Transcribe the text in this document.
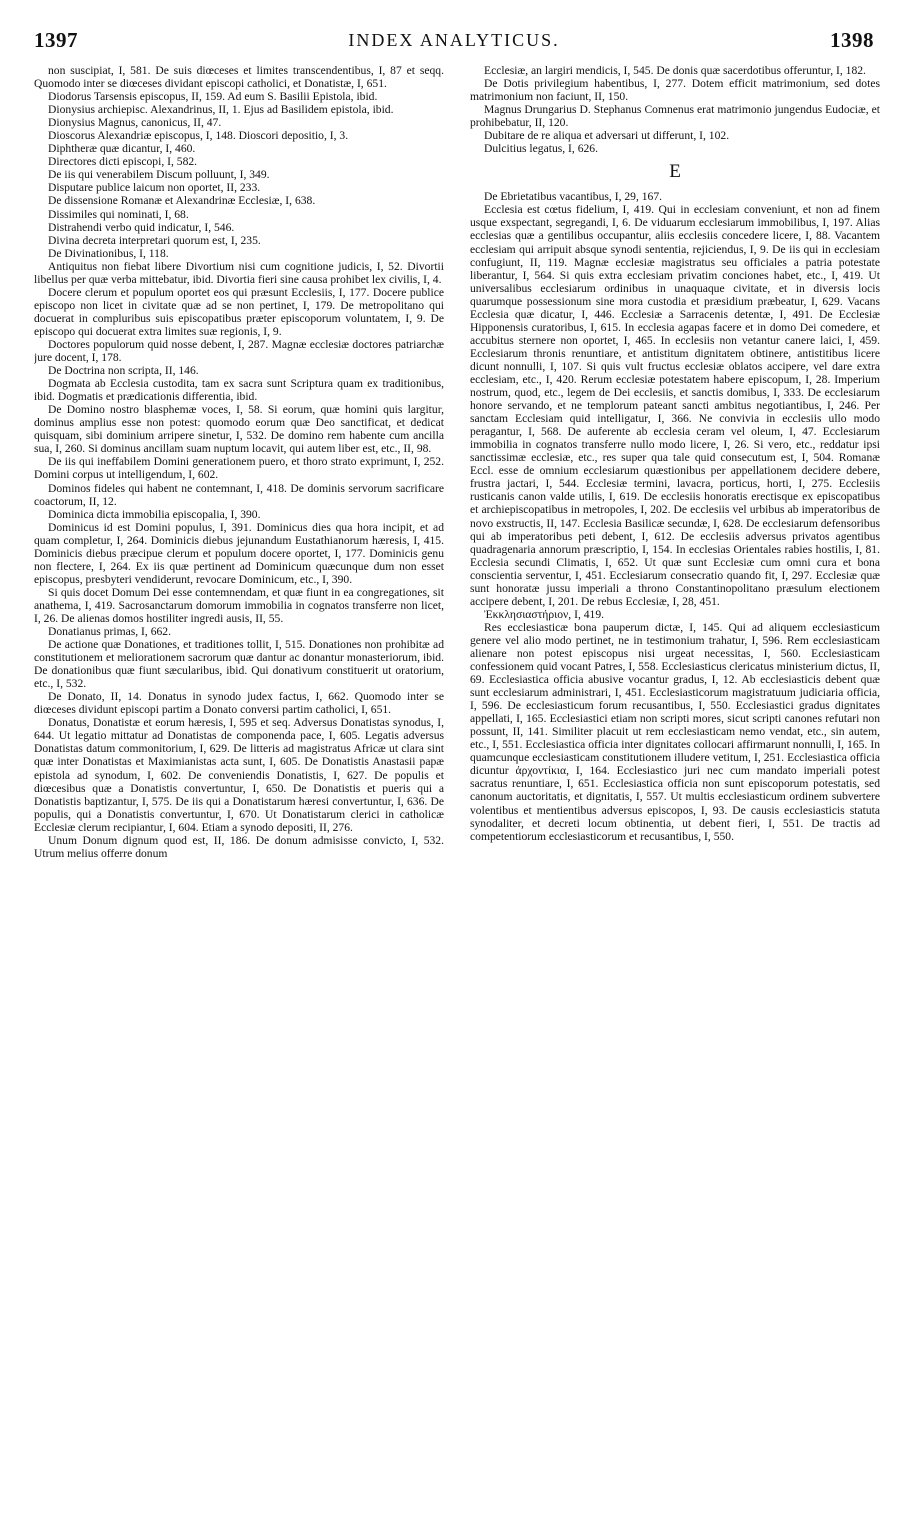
1397	INDEX ANALYTICUS.	1398

non suscipiat, I, 581. De suis diœceses et limites transcendentibus, I, 87 et seqq. Quomodo inter se diœceses dividant episcopi catholici, et Donatistæ, I, 651.

Diodorus Tarsensis episcopus, II, 159. Ad eum S. Basilii Epistola, ibid.

Dionysius archiepisc. Alexandrinus, II, 1. Ejus ad Basilidem epistola, ibid.

Dionysius Magnus, canonicus, II, 47.

Dioscorus Alexandriæ episcopus, I, 148. Dioscori depositio, I, 3.

Diphtheræ quæ dicantur, I, 460.

Directores dicti episcopi, I, 582.

De iis qui venerabilem Discum polluunt, I, 349.

Disputare publice laicum non oportet, II, 233.

De dissensione Romanæ et Alexandrinæ Ecclesiæ, I, 638.

Dissimiles qui nominati, I, 68.

Distrahendi verbo quid indicatur, I, 546.

Divina decreta interpretari quorum est, I, 235.

De Divinationibus, I, 118.

Antiquitus non fiebat libere Divortium nisi cum cognitione judicis, I, 52. Divortii libellus per quæ verba mittebatur, ibid. Divortia fieri sine causa prohibet lex civilis, I, 4.

Docere clerum et populum oportet eos qui præsunt Ecclesiis, I, 177. Docere publice episcopo non licet in civitate quæ ad se non pertinet, I, 179. De metropolitano qui docuerat in compluribus suis episcopatibus præter episcoporum voluntatem, I, 9. De episcopo qui docuerat extra limites suæ regionis, I, 9.

Doctores populorum quid nosse debent, I, 287. Magnæ ecclesiæ doctores patriarchæ jure docent, I, 178.

De Doctrina non scripta, II, 146.

Dogmata ab Ecclesia custodita, tam ex sacra sunt Scriptura quam ex traditionibus, ibid. Dogmatis et prædicationis differentia, ibid.

De Domino nostro blasphemæ voces, I, 58. Si eorum, quæ homini quis largitur, dominus amplius esse non potest: quomodo eorum quæ Deo sanctificat, et dedicat quisquam, sibi dominium arripere sinetur, I, 532. De domino rem habente cum ancilla sua, I, 260. Si dominus ancillam suam nuptum locavit, qui autem liber est, etc., II, 98.

De iis qui ineffabilem Domini generationem puero, et thoro strato exprimunt, I, 252. Domini corpus ut intelligendum, I, 602.

Dominos fideles qui habent ne contemnant, I, 418. De dominis servorum sacrificare coactorum, II, 12.

Dominica dicta immobilia episcopalia, I, 390.

Dominicus id est Domini populus, I, 391. Dominicus dies qua hora incipit, et ad quam completur, I, 264. Dominicis diebus jejunandum Eustathianorum hæresis, I, 415. Dominicis diebus præcipue clerum et populum docere oportet, I, 177. Dominicis genu non flectere, I, 264. Ex iis quæ pertinent ad Dominicum quæcunque dum non esset episcopus, presbyteri vendiderunt, revocare Dominicum, etc., I, 390.

Si quis docet Domum Dei esse contemnendam, et quæ fiunt in ea congregationes, sit anathema, I, 419. Sacrosanctarum domorum immobilia in cognatos transferre non licet, I, 26. De alienas domos hostiliter ingredi ausis, II, 55.

Donatianus primas, I, 662.

De actione quæ Donationes, et traditiones tollit, I, 515. Donationes non prohibitæ ad constitutionem et meliorationem sacrorum quæ dantur ac donantur monasteriorum, ibid. De donationibus quæ fiunt sæcularibus, ibid. Qui donativum constituerit ut oratorium, etc., I, 532.

De Donato, II, 14. Donatus in synodo judex factus, I, 662. Quomodo inter se diœceses dividunt episcopi partim a Donato conversi partim catholici, I, 651.

Donatus, Donatistæ et eorum hæresis, I, 595 et seq. Adversus Donatistas synodus, I, 644. Ut legatio mittatur ad Donatistas de componenda pace, I, 605. Legatis adversus Donatistas datum commonitorium, I, 629. De litteris ad magistratus Africæ ut clara sint quæ inter Donatistas et Maximianistas acta sunt, I, 605. De Donatistis Anastasii papæ epistola ad synodum, I, 602. De conveniendis Donatistis, I, 627. De populis et diœcesibus quæ a Donatistis convertuntur, I, 650. De Donatistis et pueris qui a Donatistis baptizantur, I, 575. De iis qui a Donatistarum hæresi convertuntur, I, 636. De populis, qui a Donatistis convertuntur, I, 670. Ut Donatistarum clerici in catholicæ Ecclesiæ clerum recipiantur, I, 604. Etiam a synodo depositi, II, 276.

Unum Donum dignum quod est, II, 186. De donum admisisse convicto, I, 532. Utrum melius offerre donum

Ecclesiæ, an largiri mendicis, I, 545. De donis quæ sacerdotibus offeruntur, I, 182.

De Dotis privilegium habentibus, I, 277. Dotem efficit matrimonium, sed dotes matrimonium non faciunt, II, 150.

Magnus Drungarius D. Stephanus Comnenus erat matrimonio jungendus Eudociæ, et prohibebatur, II, 120.

Dubitare de re aliqua et adversari ut differunt, I, 102.

Dulcitius legatus, I, 626.

E

De Ebrietatibus vacantibus, I, 29, 167.

Ecclesia est cœtus fidelium, I, 419. Qui in ecclesiam conveniunt, et non ad finem usque exspectant, segregandi, I, 6. De viduarum ecclesiarum immobilibus, I, 197. Alias ecclesias quæ a gentilibus occupantur, aliis ecclesiis concedere licere, I, 88. Vacantem ecclesiam qui arripuit absque synodi sententia, rejiciendus, I, 9. De iis qui in ecclesiam confugiunt, II, 119. Magnæ ecclesiæ magistratus seu officiales a patria potestate liberantur, I, 564. Si quis extra ecclesiam privatim conciones habet, etc., I, 419. Ut universalibus ecclesiarum ordinibus in unaquaque civitate, et in diversis locis quarumque possessionum sine mora custodia et præsidium præbeatur, I, 629. Vacans Ecclesia quæ dicatur, I, 446. Ecclesiæ a Sarracenis detentæ, I, 491. De Ecclesiæ Hipponensis curatoribus, I, 615. In ecclesia agapas facere et in domo Dei comedere, et accubitus sternere non oportet, I, 465. In ecclesiis non vetantur canere laici, I, 459. Ecclesiarum thronis renuntiare, et antistitum dignitatem obtinere, antistitibus licere dicunt nonnulli, I, 107. Si quis vult fructus ecclesiæ oblatos accipere, vel dare extra ecclesiam, etc., I, 420. Rerum ecclesiæ potestatem habere episcopum, I, 28. Imperium nostrum, quod, etc., legem de Dei ecclesiis, et sanctis domibus, I, 333. De ecclesiarum honore servando, et ne templorum pateant sancti ambitus negotiantibus, I, 246. Per sanctam Ecclesiam quid intelligatur, I, 366. Ne convivia in ecclesiis ullo modo peragantur, I, 568. De auferente ab ecclesia ceram vel oleum, I, 47. Ecclesiarum immobilia in cognatos transferre nullo modo licere, I, 26. Si vero, etc., reddatur ipsi sanctissimæ ecclesiæ, etc., res super qua tale quid consecutum est, I, 504. Romanæ Eccl. esse de omnium ecclesiarum quæstionibus per appellationem decidere debere, frustra jactari, I, 544. Ecclesiæ termini, lavacra, porticus, horti, I, 275. Ecclesiis rusticanis canon valde utilis, I, 619. De ecclesiis honoratis erectisque ex episcopatibus et archiepiscopatibus in metropoles, I, 202. De ecclesiis vel urbibus ab imperatoribus de novo exstructis, II, 147. Ecclesia Basilicæ secundæ, I, 628. De ecclesiarum defensoribus qui ab imperatoribus peti debent, I, 612. De ecclesiis adversus privatos agentibus quadragenaria annorum præscriptio, I, 154. In ecclesias Orientales rabies hostilis, I, 81. Ecclesia secundi Climatis, I, 652. Ut quæ sunt Ecclesiæ cum omni cura et bona conscientia serventur, I, 451. Ecclesiarum consecratio quando fit, I, 297. Ecclesiæ quæ sunt honoratæ jussu imperiali a throno Constantinopolitano præsulum electionem accipere debent, I, 201. De rebus Ecclesiæ, I, 28, 451.

Ἐκκλησιαστήριον, I, 419.

Res ecclesiasticæ bona pauperum dictæ, I, 145. Qui ad aliquem ecclesiasticum genere vel alio modo pertinet, ne in testimonium trahatur, I, 596. Rem ecclesiasticam alienare non potest episcopus nisi urgeat necessitas, I, 560. Ecclesiasticam confessionem quid vocant Patres, I, 558. Ecclesiasticus clericatus ministerium dictus, II, 69. Ecclesiastica officia abusive vocantur gradus, I, 12. Ab ecclesiasticis debent quæ sunt ecclesiarum administrari, I, 451. Ecclesiasticorum magistratuum judiciaria officia, I, 596. De ecclesiasticum forum recusantibus, I, 550. Ecclesiastici gradus dignitates appellati, I, 165. Ecclesiastici etiam non scripti mores, sicut scripti canones refutari non possunt, II, 141. Similiter placuit ut rem ecclesiasticam nemo vendat, etc., sin autem, etc., I, 551. Ecclesiastica officia inter dignitates collocari affirmarunt nonnulli, I, 165. In quamcunque ecclesiasticam constitutionem illudere vetitum, I, 251. Ecclesiastica officia dicuntur ἀρχοντίκια, I, 164. Ecclesiastico juri nec cum mandato imperiali potest sacratus renuntiare, I, 651. Ecclesiastica officia non sunt episcoporum potestatis, sed canonum auctoritatis, et dignitatis, I, 557. Ut multis ecclesiasticum ordinem subvertere volentibus et mentientibus adversus episcopos, I, 93. De causis ecclesiasticis statuta synodaliter, et decreti locum obtinentia, ut debent fieri, I, 551. De tractis ad competentiorum ecclesiasticorum et recusantibus, I, 550.
